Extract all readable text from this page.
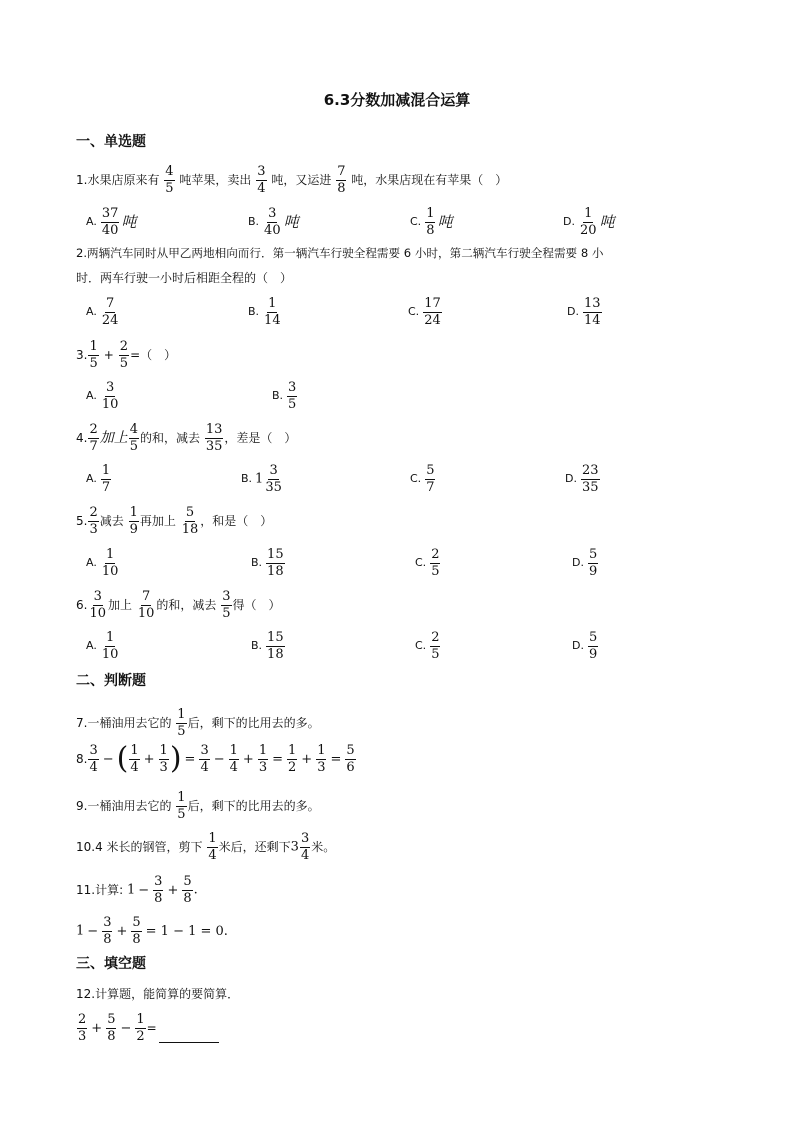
6.3分数加减混合运算
一、单选题
1.水果店原来有 $\frac{4}{5}$ 吨苹果，卖出 $\frac{3}{4}$ 吨，又运进 $\frac{7}{8}$ 吨，水果店现在有苹果（　）
A. $\frac{37}{40}$ 吨	B. $\frac{3}{40}$ 吨	C. $\frac{1}{8}$ 吨	D. $\frac{1}{20}$ 吨
2.两辆汽车同时从甲乙两地相向而行．第一辆汽车行驶全程需要 6 小时，第二辆汽车行驶全程需要 8 小
时．两车行驶一小时后相距全程的（　）
A. $\frac{7}{24}$	B. $\frac{1}{14}$	C. $\frac{17}{24}$	D. $\frac{13}{14}$
3. $\frac{1}{5} + \frac{2}{5}$ =（　）
A. $\frac{3}{10}$	B. $\frac{3}{5}$
4. $\frac{2}{7}$ 加上 $\frac{4}{5}$ 的和，减去 $\frac{13}{35}$ ，差是（　）
A. $\frac{1}{7}$	B. $1 \frac{3}{35}$	C. $\frac{5}{7}$	D. $\frac{23}{35}$
5. $\frac{2}{3}$ 减去 $\frac{1}{9}$ 再加上 $\frac{5}{18}$ ，和是（　）
A. $\frac{1}{10}$	B. $\frac{15}{18}$	C. $\frac{2}{5}$	D. $\frac{5}{9}$
6. $\frac{3}{10}$ 加上 $\frac{7}{10}$ 的和，减去 $\frac{3}{5}$ 得（　）
A. $\frac{1}{10}$	B. $\frac{15}{18}$	C. $\frac{2}{5}$	D. $\frac{5}{9}$
二、判断题
7.一桶油用去它的 $\frac{1}{5}$ 后，剩下的比用去的多。
8. $\frac{3}{4}$ − ( $\frac{1}{4} + \frac{1}{3}$ ) = $\frac{3}{4} - \frac{1}{4} + \frac{1}{3} = \frac{1}{2} + \frac{1}{3} = \frac{5}{6}$
9.一桶油用去它的 $\frac{1}{5}$ 后，剩下的比用去的多。
10.4 米长的钢管，剪下 $\frac{1}{4}$ 米后，还剩下$3 \frac{3}{4}$ 米。
11.计算: $1 - \frac{3}{8} + \frac{5}{8}$ .
$1 - \frac{3}{8} + \frac{5}{8} = 1 - 1 = 0$.
三、填空题
12.计算题，能简算的要简算．
$\frac{2}{3} + \frac{5}{8} - \frac{1}{2}$ =
